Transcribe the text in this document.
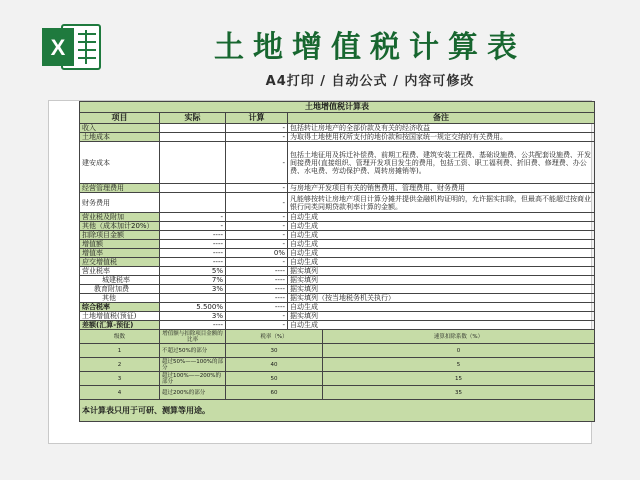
X	土地增值税计算表
A4打印 / 自动公式 / 内容可修改
土地增值税计算表				
项目	实际	计算	备注	
收入		-	包括转让房地产的全部价款及有关的经济收益	
土地成本		-	为取得土地使用权所支付的地价款和按国家统一规定交纳的有关费用。	
建安成本		-	包括土地征用及拆迁补偿费、前期工程费、建筑安装工程费、基础设施费、公共配套设施费、开发间接费用(直接组织、管理开发项目发生的费用，包括工资、职工福利费、折旧费、修理费、办公费、水电费、劳动保护费、周转房摊销等)。	
经营管理费用		-	与房地产开发项目有关的销售费用、管理费用、财务费用	
财务费用		-	凡能够按转让房地产项目计算分摊并提供金融机构证明的，允许据实扣除，但最高不能超过按商业银行同类同期贷款利率计算的金额。	
营业税及附加	-	-	自动生成	
其他（成本加计20%）	-	-	自动生成	
扣除项目金额	----	-	自动生成	
增值额	----	-	自动生成	
增值率	----	0%	自动生成	
应交增值税	----	-	自动生成	
营业税率	5%	----	据实填列	
城建税率	7%	----	据实填列	
教育附加费	3%	----	据实填列	
其他		----	据实填列（按当地税务机关执行）	
综合税率	5.500%	----	自动生成	
土地增值税(预征)	3%	-	据实填列	
差额(汇算-预征)	----	-	自动生成	
级数	增值额与扣除项目金额的比率	税率（%）		速算扣除系数（%）
1	不超过50%的部分	30		0
2	超过50%——100%的部分	40		5
3	超过100%——200%的部分	50		15
4	超过200%的部分	60		35
本计算表只用于可研、测算等用途。				
